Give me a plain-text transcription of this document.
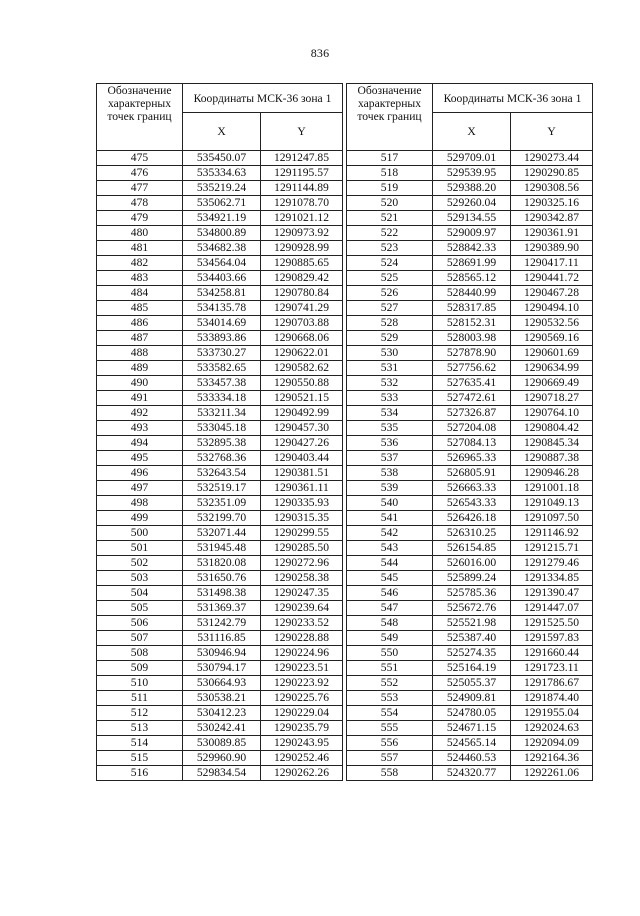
836
Обозначение характерных точек границ	Координаты МСК-36 зона 1	
	X	Y
475	535450.07	1291247.85
476	535334.63	1291195.57
477	535219.24	1291144.89
478	535062.71	1291078.70
479	534921.19	1291021.12
480	534800.89	1290973.92
481	534682.38	1290928.99
482	534564.04	1290885.65
483	534403.66	1290829.42
484	534258.81	1290780.84
485	534135.78	1290741.29
486	534014.69	1290703.88
487	533893.86	1290668.06
488	533730.27	1290622.01
489	533582.65	1290582.62
490	533457.38	1290550.88
491	533334.18	1290521.15
492	533211.34	1290492.99
493	533045.18	1290457.30
494	532895.38	1290427.26
495	532768.36	1290403.44
496	532643.54	1290381.51
497	532519.17	1290361.11
498	532351.09	1290335.93
499	532199.70	1290315.35
500	532071.44	1290299.55
501	531945.48	1290285.50
502	531820.08	1290272.96
503	531650.76	1290258.38
504	531498.38	1290247.35
505	531369.37	1290239.64
506	531242.79	1290233.52
507	531116.85	1290228.88
508	530946.94	1290224.96
509	530794.17	1290223.51
510	530664.93	1290223.92
511	530538.21	1290225.76
512	530412.23	1290229.04
513	530242.41	1290235.79
514	530089.85	1290243.95
515	529960.90	1290252.46
516	529834.54	1290262.26
Обозначение характерных точек границ	Координаты МСК-36 зона 1	
	X	Y
517	529709.01	1290273.44
518	529539.95	1290290.85
519	529388.20	1290308.56
520	529260.04	1290325.16
521	529134.55	1290342.87
522	529009.97	1290361.91
523	528842.33	1290389.90
524	528691.99	1290417.11
525	528565.12	1290441.72
526	528440.99	1290467.28
527	528317.85	1290494.10
528	528152.31	1290532.56
529	528003.98	1290569.16
530	527878.90	1290601.69
531	527756.62	1290634.99
532	527635.41	1290669.49
533	527472.61	1290718.27
534	527326.87	1290764.10
535	527204.08	1290804.42
536	527084.13	1290845.34
537	526965.33	1290887.38
538	526805.91	1290946.28
539	526663.33	1291001.18
540	526543.33	1291049.13
541	526426.18	1291097.50
542	526310.25	1291146.92
543	526154.85	1291215.71
544	526016.00	1291279.46
545	525899.24	1291334.85
546	525785.36	1291390.47
547	525672.76	1291447.07
548	525521.98	1291525.50
549	525387.40	1291597.83
550	525274.35	1291660.44
551	525164.19	1291723.11
552	525055.37	1291786.67
553	524909.81	1291874.40
554	524780.05	1291955.04
555	524671.15	1292024.63
556	524565.14	1292094.09
557	524460.53	1292164.36
558	524320.77	1292261.06
